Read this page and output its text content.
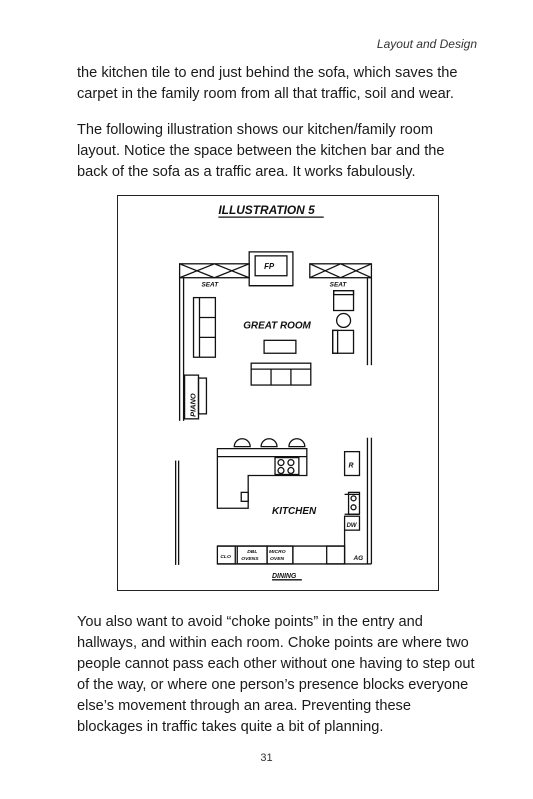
Layout and Design

the kitchen tile to end just behind the sofa, which saves the carpet in the family room from all that traffic, soil and wear.

The following illustration shows our kitchen/family room layout. Notice the space between the kitchen bar and the back of the sofa as a traffic area. It works fabulously.

ILLUSTRATION 5
FP
SEAT	SEAT
GREAT ROOM
PIANO
KITCHEN
R
DW
AG
CLO
DBL
OVENS
MICRO
OVEN
DINING

You also want to avoid “choke points” in the entry and hallways, and within each room. Choke points are where two people cannot pass each other without one having to step out of the way, or where one person’s presence blocks everyone else’s movement through an area. Preventing these blockages in traffic takes quite a bit of planning.

31
